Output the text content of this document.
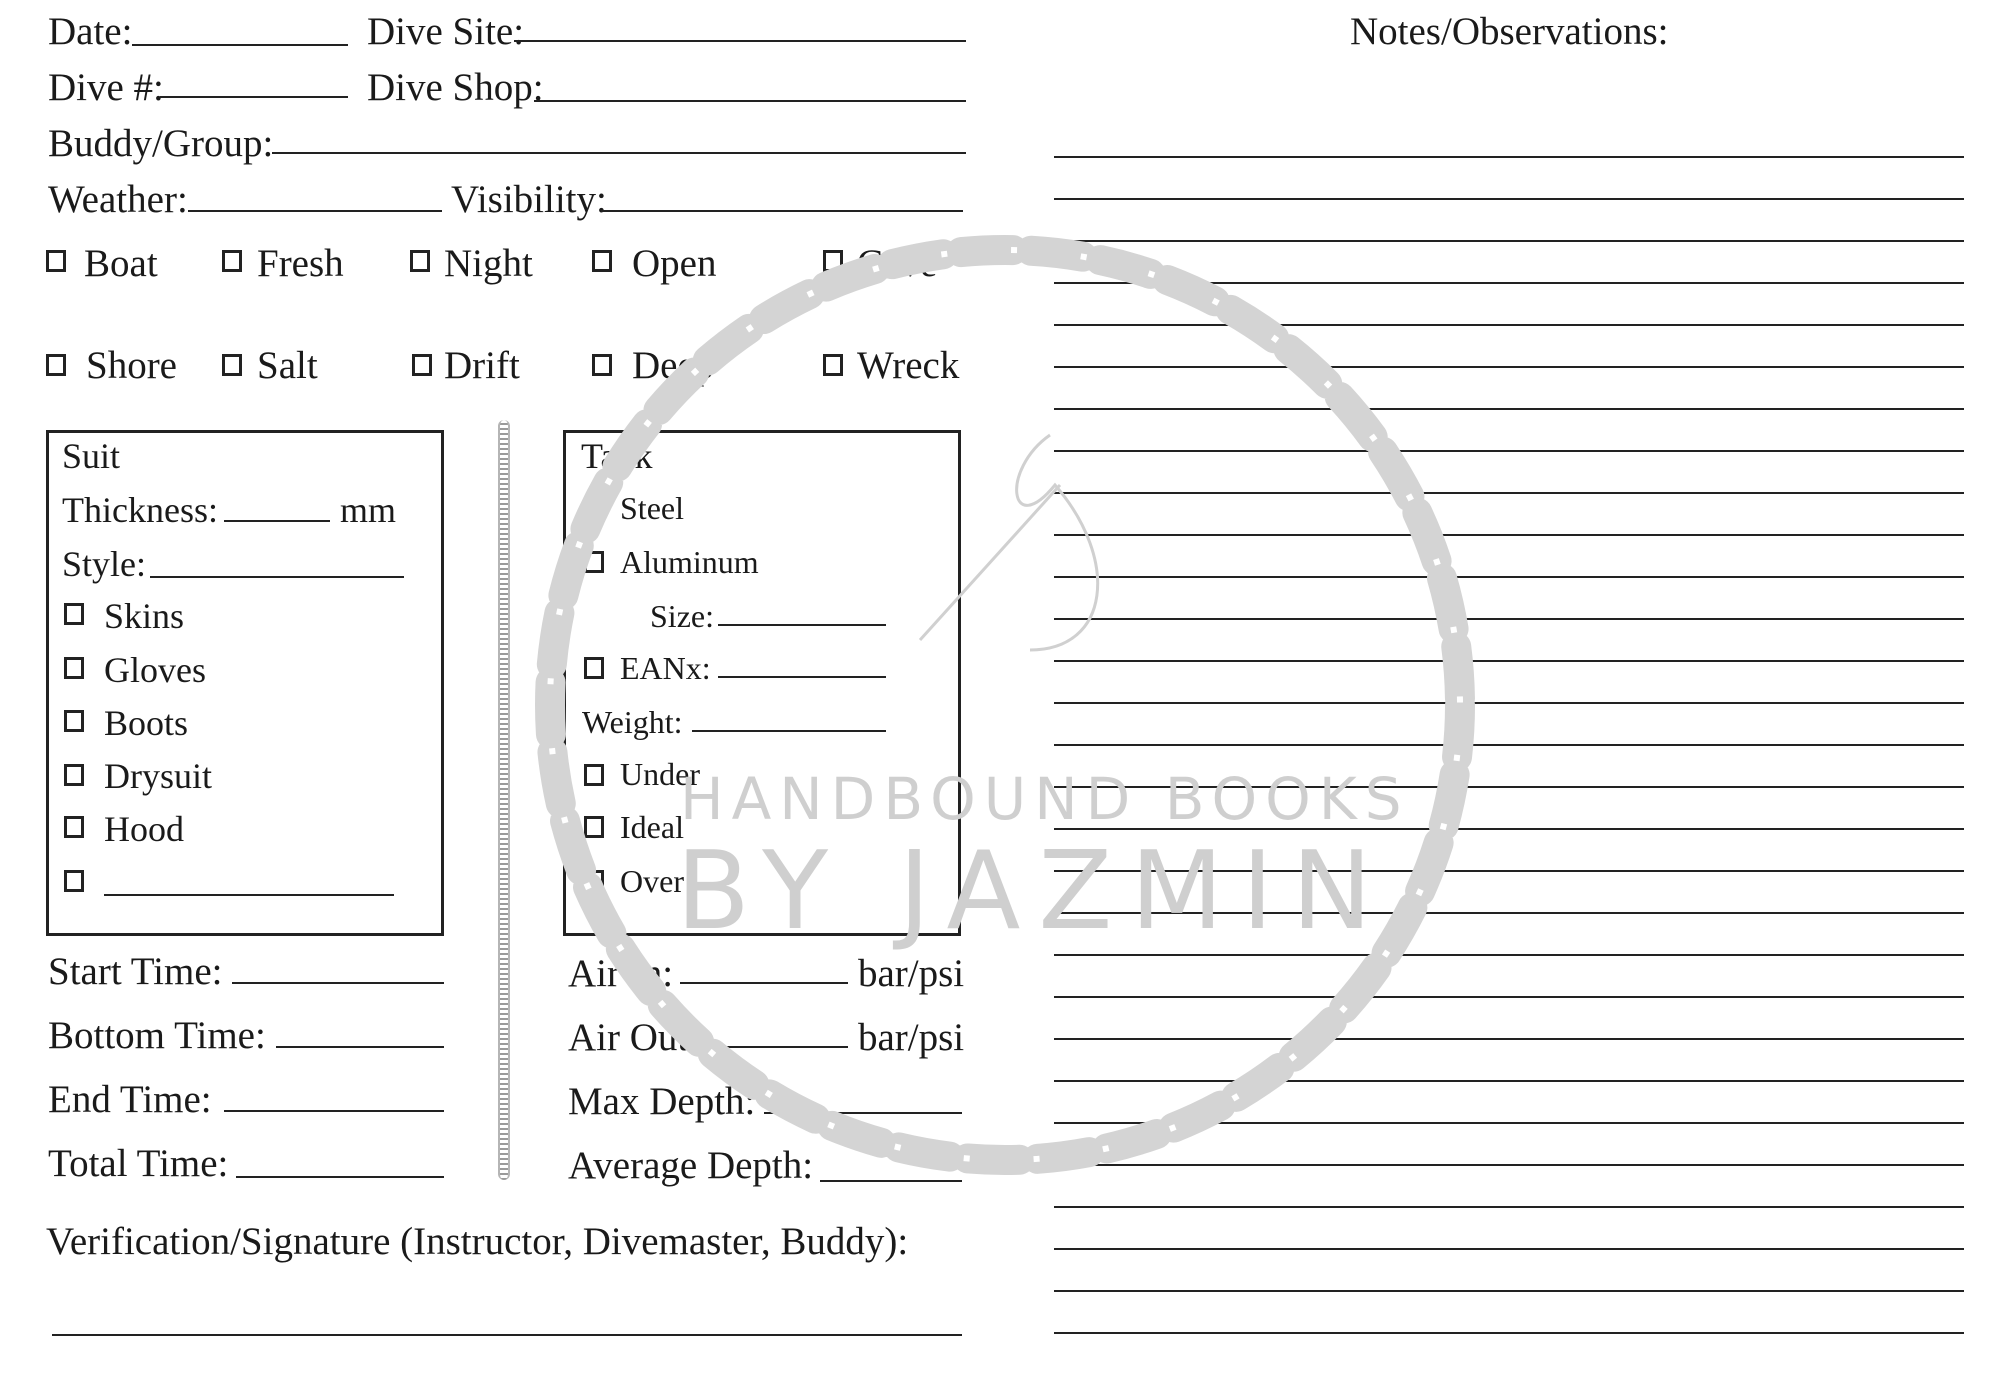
Date:	Dive Site:
Dive #:	Dive Shop:
Buddy/Group:
Weather:	Visibility:
Boat	Fresh	Night	Open	Cave
Shore Salt	Drift	Deep	Wreck
Suit
Thickness:	mm
Style:
Skins
Gloves
Boots
Drysuit
Hood
Tank
Steel
Aluminum
Size:
EANx:
Weight:
Under
Ideal
Over
Start Time:
Bottom Time:
End Time:
Total Time:
Air In:	bar/psi
Air Out:	bar/psi
Max Depth:
Average Depth:
Verification/Signature (Instructor, Divemaster, Buddy):
Notes/Observations:
HANDBOUND BOOKS
BY JAZMIN
